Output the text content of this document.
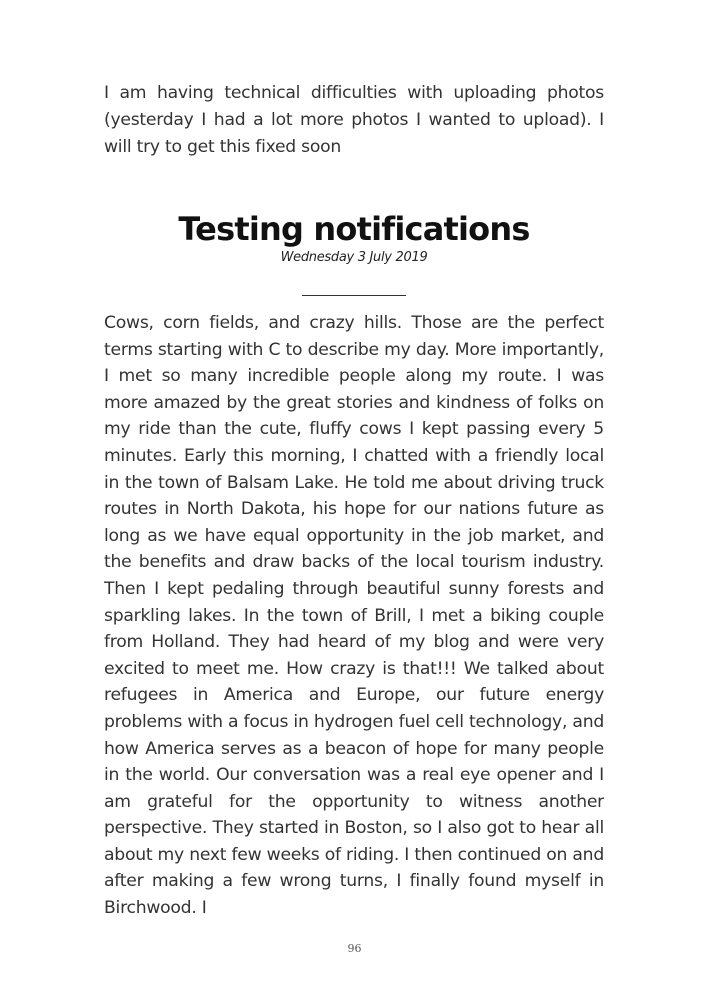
I am having technical difficulties with uploading photos (yesterday I had a lot more photos I wanted to upload). I will try to get this fixed soon

Testing notifications

Wednesday 3 July 2019

Cows, corn fields, and crazy hills. Those are the perfect terms starting with C to describe my day. More importantly, I met so many incredible people along my route. I was more amazed by the great stories and kindness of folks on my ride than the cute, fluffy cows I kept passing every 5 minutes. Early this morning, I chatted with a friendly local in the town of Balsam Lake. He told me about driving truck routes in North Dakota, his hope for our nations future as long as we have equal opportunity in the job market, and the benefits and draw backs of the local tourism industry. Then I kept pedaling through beautiful sunny forests and sparkling lakes. In the town of Brill, I met a biking couple from Holland. They had heard of my blog and were very excited to meet me. How crazy is that!!! We talked about refugees in America and Europe, our future energy problems with a focus in hydrogen fuel cell technology, and how America serves as a beacon of hope for many people in the world. Our conversation was a real eye opener and I am grateful for the opportunity to witness another perspective. They started in Boston, so I also got to hear all about my next few weeks of riding. I then continued on and after making a few wrong turns, I finally found myself in Birchwood. I

96
